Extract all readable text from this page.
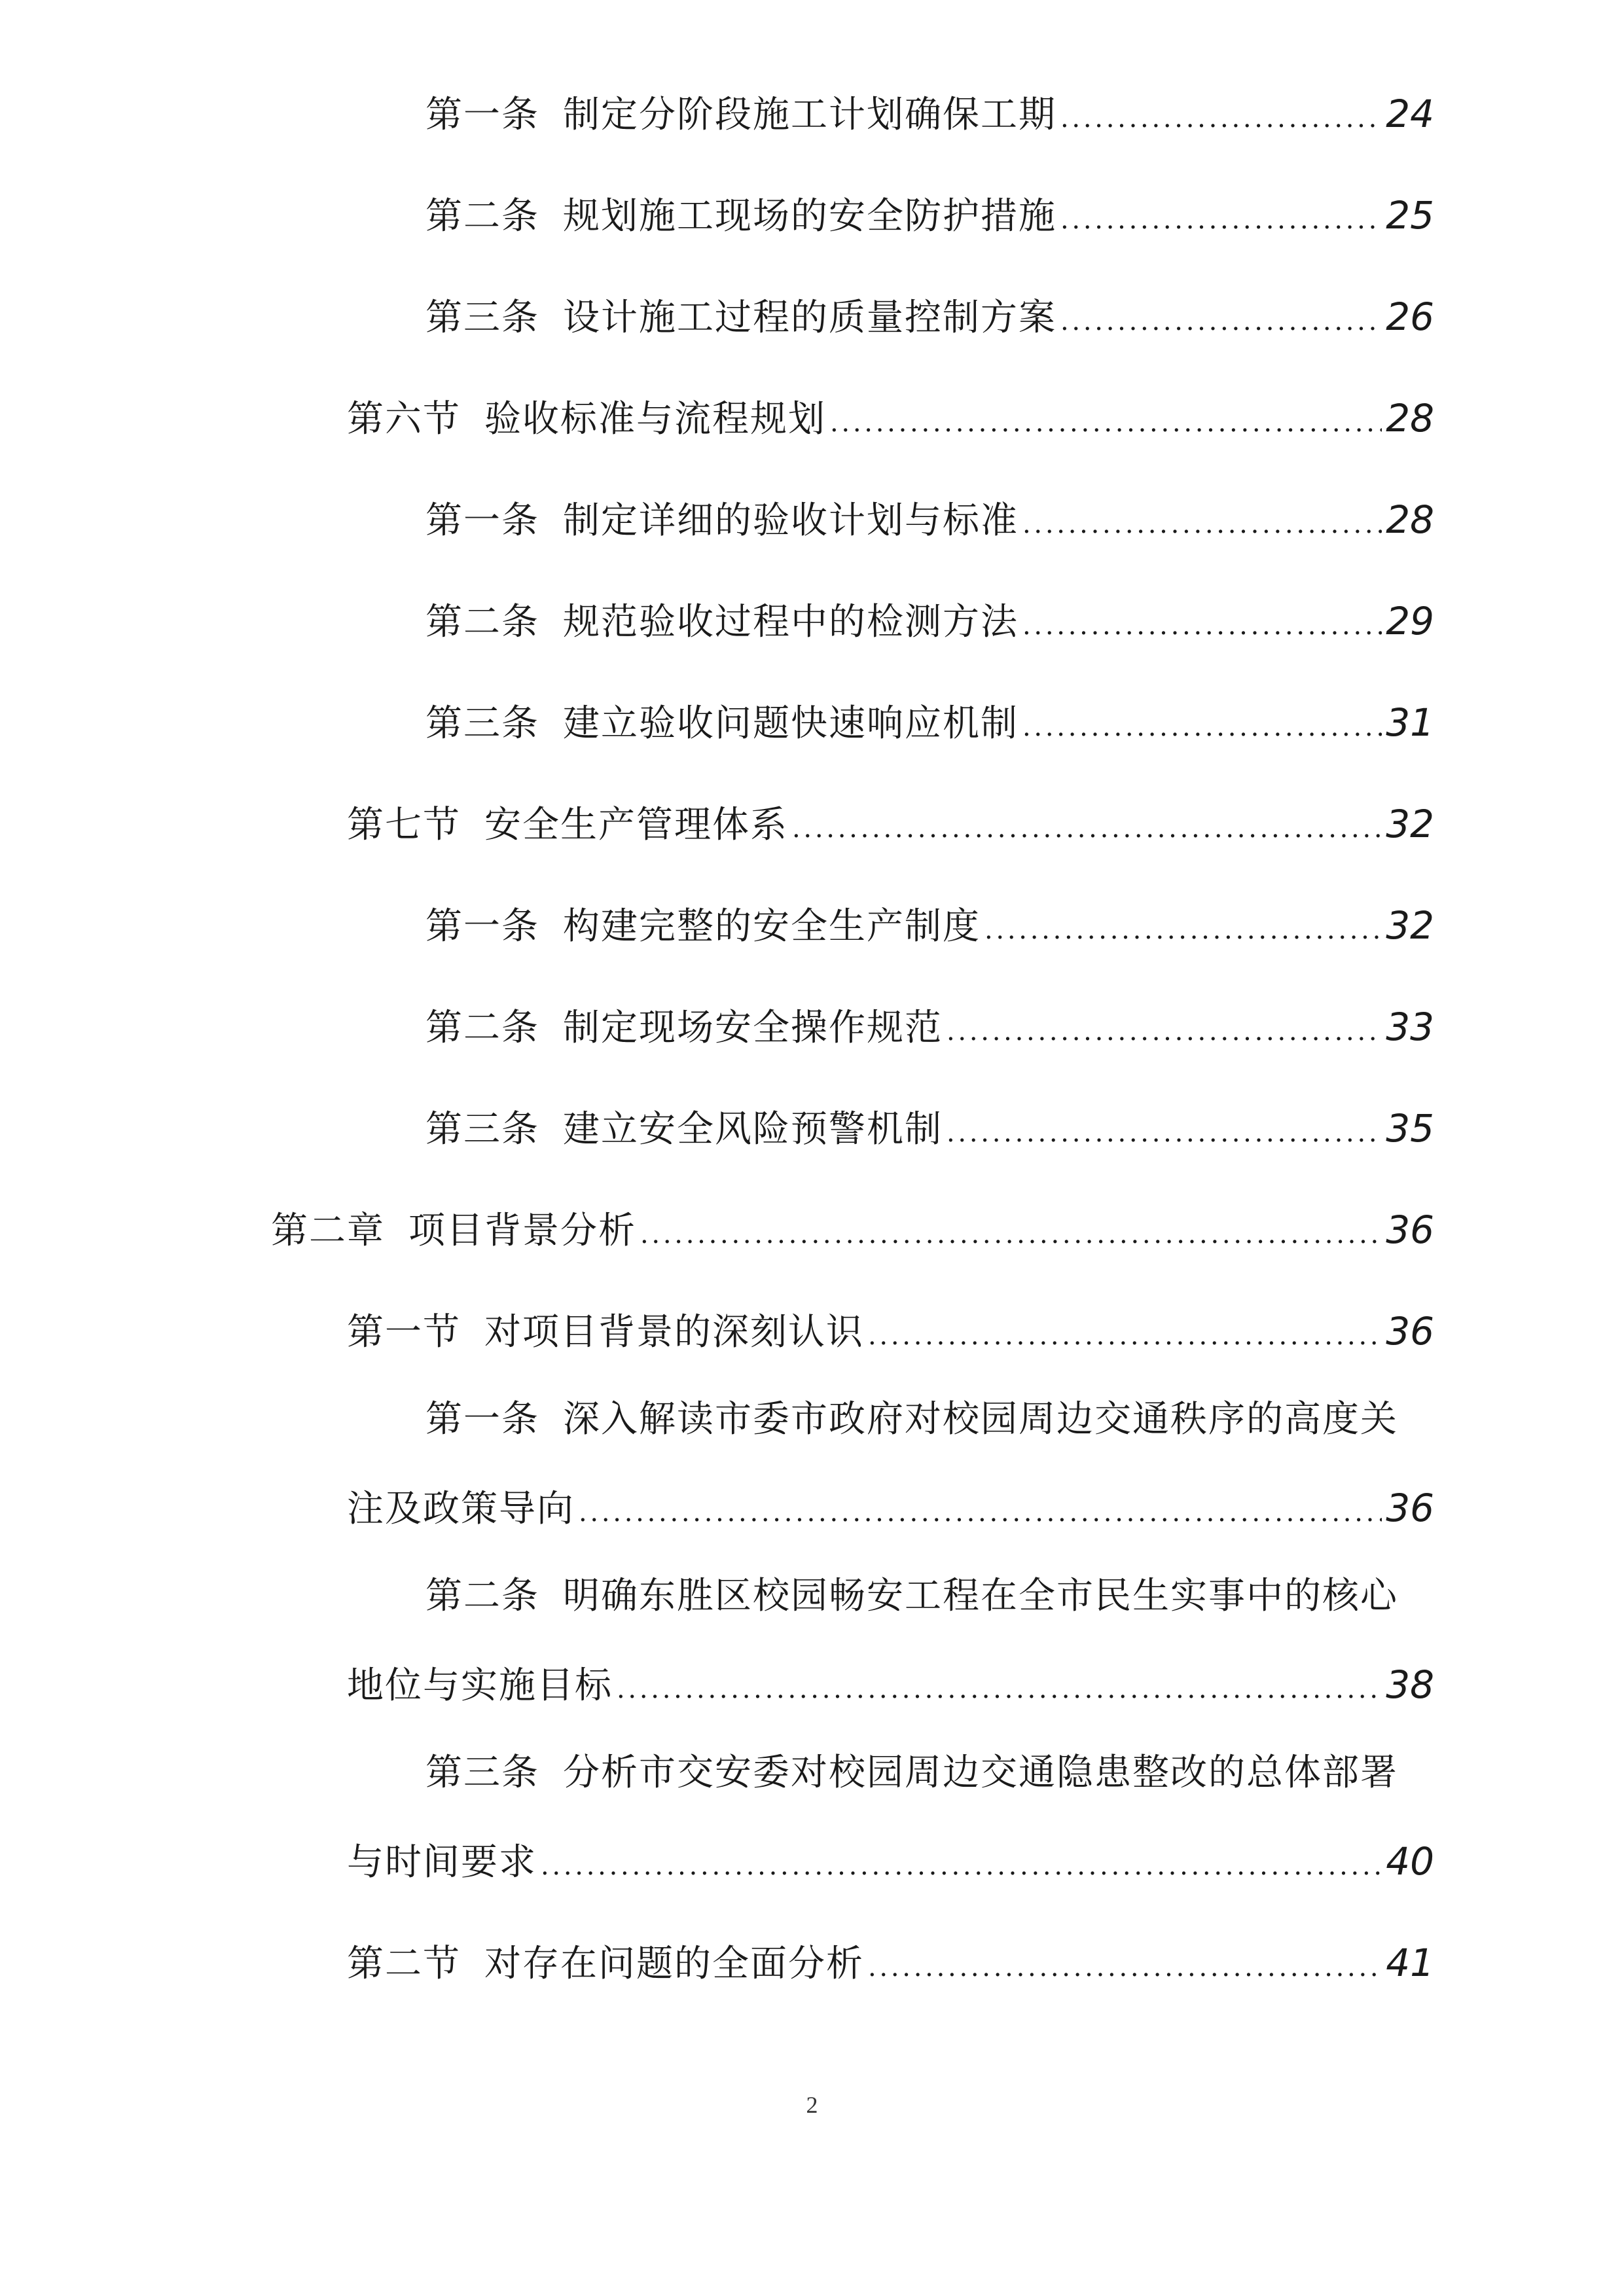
第一条 制定分阶段施工计划确保工期 . . .	24
第二条 规划施工现场的安全防护措施 . . .	25
第三条 设计施工过程的质量控制方案 . . .	26
第六节 验收标准与流程规划 . . .	28
第一条 制定详细的验收计划与标准 . . .	28
第二条 规范验收过程中的检测方法 . . .	29
第三条 建立验收问题快速响应机制 . . .	31
第七节 安全生产管理体系 . . .	32
第一条 构建完整的安全生产制度 . . .	32
第二条 制定现场安全操作规范 . . .	33
第三条 建立安全风险预警机制 . . .	35
第二章 项目背景分析 . . .	36
第一节 对项目背景的深刻认识 . . .	36
第一条 深入解读市委市政府对校园周边交通秩序的高度关
注及政策导向 . . .	36
第二条 明确东胜区校园畅安工程在全市民生实事中的核心
地位与实施目标 . . .	38
第三条 分析市交安委对校园周边交通隐患整改的总体部署
与时间要求 . . .	40
第二节 对存在问题的全面分析 . . .	41
2
